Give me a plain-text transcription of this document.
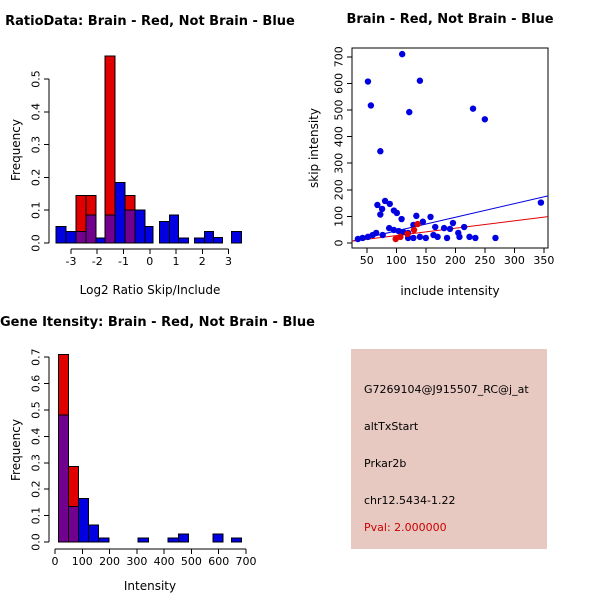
RatioData: Brain - Red, Not Brain - Blue
-3 -2 -1 0 1 2 3
0.0
0.1
0.2
0.3
0.4
0.5
Log2 Ratio Skip/Include
Frequency
Brain - Red, Not Brain - Blue
50 100 150 200 250 300 350
0
100
200
300
400
500
600
700
include intensity
skip intensity
Gene Itensity: Brain - Red, Not Brain - Blue
0 100 200 300 400 500 600 700
0.0
0.1
0.2
0.3
0.4
0.5
0.6
0.7
Intensity
Frequency
G7269104@J915507_RC@j_at
altTxStart
Prkar2b
chr12.5434-1.22
Pval: 2.000000
